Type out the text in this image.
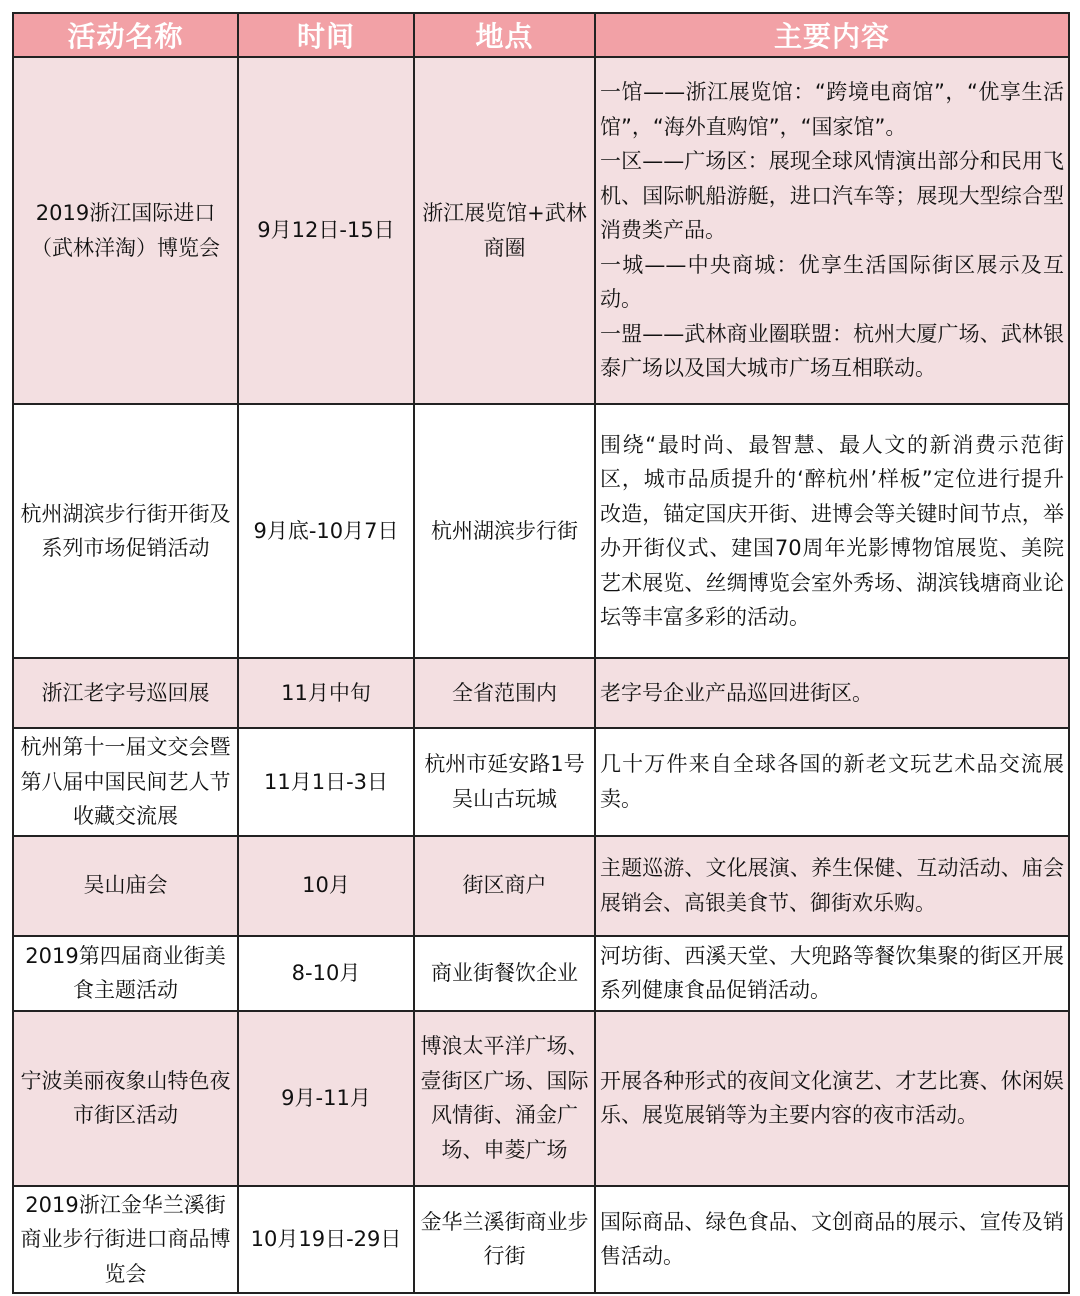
活动名称	时间	地点	主要内容
2019浙江国际进口（武林洋淘）博览会	9月12日-15日	浙江展览馆+武林商圈	一馆——浙江展览馆：“跨境电商馆”，“优享生活馆”，“海外直购馆”，“国家馆”。
一区——广场区：展现全球风情演出部分和民用飞机、国际帆船游艇，进口汽车等；展现大型综合型消费类产品。
一城——中央商城：优享生活国际街区展示及互动。
一盟——武林商业圈联盟：杭州大厦广场、武林银泰广场以及国大城市广场互相联动。

杭州湖滨步行街开街及系列市场促销活动	9月底-10月7日	杭州湖滨步行街	围绕“最时尚、最智慧、最人文的新消费示范街区，城市品质提升的‘醉杭州’样板”定位进行提升改造，锚定国庆开街、进博会等关键时间节点，举办开街仪式、建国70周年光影博物馆展览、美院艺术展览、丝绸博览会室外秀场、湖滨钱塘商业论坛等丰富多彩的活动。

浙江老字号巡回展	11月中旬	全省范围内	老字号企业产品巡回进街区。

杭州第十一届文交会暨第八届中国民间艺人节收藏交流展	11月1日-3日	杭州市延安路1号吴山古玩城	几十万件来自全球各国的新老文玩艺术品交流展卖。

吴山庙会	10月	街区商户	主题巡游、文化展演、养生保健、互动活动、庙会展销会、高银美食节、御街欢乐购。

2019第四届商业街美食主题活动	8-10月	商业街餐饮企业	河坊街、西溪天堂、大兜路等餐饮集聚的街区开展系列健康食品促销活动。

宁波美丽夜象山特色夜市街区活动	9月-11月	博浪太平洋广场、壹街区广场、国际风情街、涌金广场、申菱广场	开展各种形式的夜间文化演艺、才艺比赛、休闲娱乐、展览展销等为主要内容的夜市活动。

2019浙江金华兰溪街商业步行街进口商品博览会	10月19日-29日	金华兰溪街商业步行街	国际商品、绿色食品、文创商品的展示、宣传及销售活动。
